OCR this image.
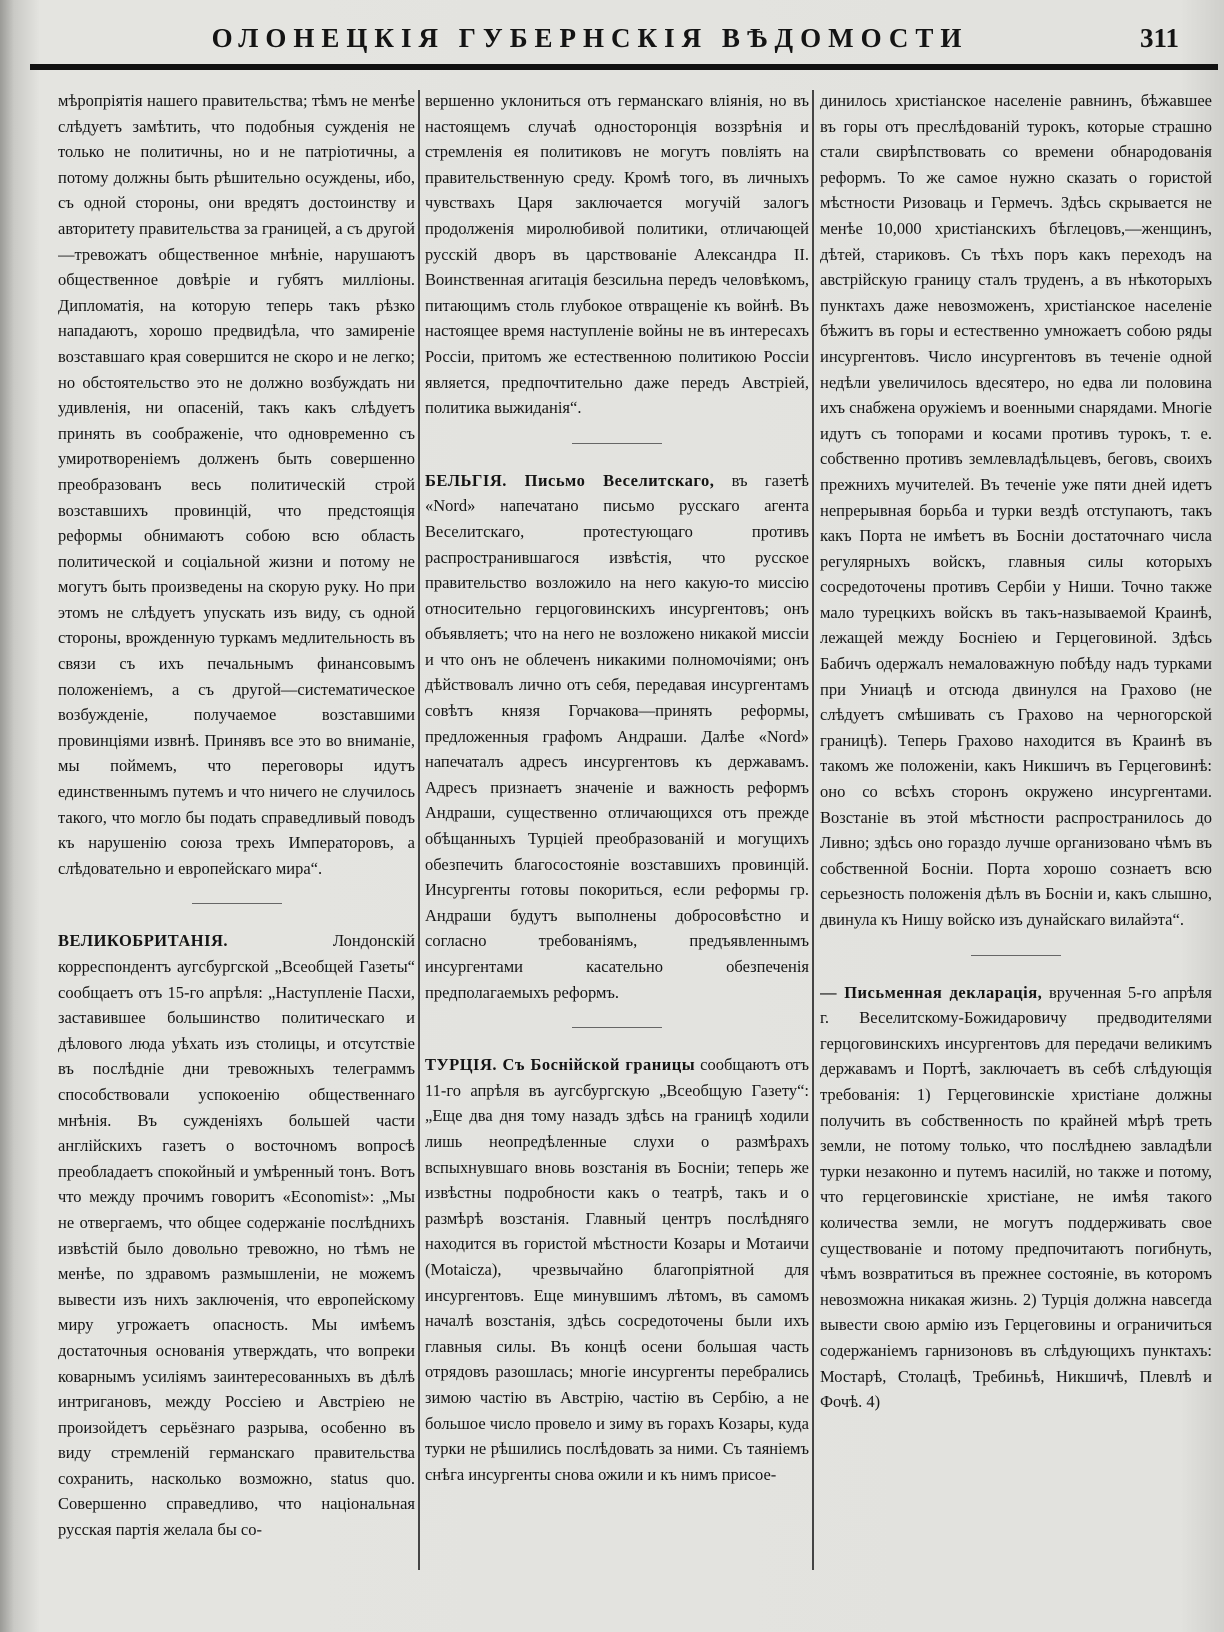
ОЛОНЕЦКІЯ ГУБЕРНСКІЯ ВѢДОМОСТИ	311

мѣропріятія нашего правительства; тѣмъ не менѣе слѣдуетъ замѣтить, что подобныя сужденія не только не политичны, но и не патріотичны, а потому должны быть рѣшительно осуждены, ибо, съ одной стороны, они вредятъ достоинству и авторитету правительства за границей, а съ другой—тревожатъ общественное мнѣніе, нарушаютъ общественное довѣріе и губятъ милліоны. Дипломатія, на которую теперь такъ рѣзко нападаютъ, хорошо предвидѣла, что замиреніе возставшаго края совершится не скоро и не легко; но обстоятельство это не должно возбуждать ни удивленія, ни опасеній, такъ какъ слѣдуетъ принять въ соображеніе, что одновременно съ умиротвореніемъ долженъ быть совершенно преобразованъ весь политическій строй возставшихъ провинцій, что предстоящія реформы обнимаютъ собою всю область политической и соціальной жизни и потому не могутъ быть произведены на скорую руку. Но при этомъ не слѣдуетъ упускать изъ виду, съ одной стороны, врожденную туркамъ медлительность въ связи съ ихъ печальнымъ финансовымъ положеніемъ, а съ другой—систематическое возбужденіе, получаемое возставшими провинціями извнѣ. Принявъ все это во вниманіе, мы поймемъ, что переговоры идутъ единственнымъ путемъ и что ничего не случилось такого, что могло бы подать справедливый поводъ къ нарушенію союза трехъ Императоровъ, а слѣдовательно и европейскаго мира“.

ВЕЛИКОБРИТАНІЯ. Лондонскій корреспондентъ аугсбургской „Всеобщей Газеты“ сообщаетъ отъ 15-го апрѣля: „Наступленіе Пасхи, заставившее большинство политическаго и дѣлового люда уѣхать изъ столицы, и отсутствіе въ послѣдніе дни тревожныхъ телеграммъ способствовали успокоенію общественнаго мнѣнія. Въ сужденіяхъ большей части англійскихъ газетъ о восточномъ вопросѣ преобладаетъ спокойный и умѣренный тонъ. Вотъ что между прочимъ говоритъ «Economist»: „Мы не отвергаемъ, что общее содержаніе послѣднихъ извѣстій было довольно тревожно, но тѣмъ не менѣе, по здравомъ размышленіи, не можемъ вывести изъ нихъ заключенія, что европейскому миру угрожаетъ опасность. Мы имѣемъ достаточныя основанія утверждать, что вопреки коварнымъ усиліямъ заинтересованныхъ въ дѣлѣ интригановъ, между Россіею и Австріею не произойдетъ серьёзнаго разрыва, особенно въ виду стремленій германскаго правительства сохранить, насколько возможно, status quo. Совершенно справедливо, что національная русская партія желала бы со-

вершенно уклониться отъ германскаго вліянія, но въ настоящемъ случаѣ односторонція воззрѣнія и стремленія ея политиковъ не могутъ повліять на правительственную среду. Кромѣ того, въ личныхъ чувствахъ Царя заключается могучій залогъ продолженія миролюбивой политики, отличающей русскій дворъ въ царствованіе Александра II. Воинственная агитація безсильна передъ человѣкомъ, питающимъ столь глубокое отвращеніе къ войнѣ. Въ настоящее время наступленіе войны не въ интересахъ Россіи, притомъ же естественною политикою Россіи является, предпочтительно даже передъ Австріей, политика выжиданія“.

БЕЛЬГІЯ. Письмо Веселитскаго, въ газетѣ «Nord» напечатано письмо русскаго агента Веселитскаго, протестующаго противъ распространившагося извѣстія, что русское правительство возложило на него какую-то миссію относительно герцоговинскихъ инсургентовъ; онъ объявляетъ; что на него не возложено никакой миссіи и что онъ не облеченъ никакими полномочіями; онъ дѣйствовалъ лично отъ себя, передавая инсургентамъ совѣтъ князя Горчакова—принять реформы, предложенныя графомъ Андраши. Далѣе «Nord» напечаталъ адресъ инсургентовъ къ державамъ. Адресъ признаетъ значеніе и важность реформъ Андраши, существенно отличающихся отъ прежде обѣщанныхъ Турціей преобразованій и могущихъ обезпечить благосостояніе возставшихъ провинцій. Инсургенты готовы покориться, если реформы гр. Андраши будутъ выполнены добросовѣстно и согласно требованіямъ, предъявленнымъ инсургентами касательно обезпеченія предполагаемыхъ реформъ.

ТУРЦІЯ. Съ Боснійской границы сообщаютъ отъ 11-го апрѣля въ аугсбургскую „Всеобщую Газету“: „Еще два дня тому назадъ здѣсь на границѣ ходили лишь неопредѣленные слухи о размѣрахъ вспыхнувшаго вновь возстанія въ Босніи; теперь же извѣстны подробности какъ о театрѣ, такъ и о размѣрѣ возстанія. Главный центръ послѣдняго находится въ гористой мѣстности Козары и Мотаичи (Motaicza), чрезвычайно благопріятной для инсургентовъ. Еще минувшимъ лѣтомъ, въ самомъ началѣ возстанія, здѣсь сосредоточены были ихъ главныя силы. Въ концѣ осени большая часть отрядовъ разошлась; многіе инсургенты перебрались зимою частію въ Австрію, частію въ Сербію, а не большое число провело и зиму въ горахъ Козары, куда турки не рѣшились послѣдовать за ними. Съ таяніемъ снѣга инсургенты снова ожили и къ нимъ присое-

динилось христіанское населеніе равнинъ, бѣжавшее въ горы отъ преслѣдованій турокъ, которые страшно стали свирѣпствовать со времени обнародованія реформъ. То же самое нужно сказать о гористой мѣстности Ризоваць и Гермечъ. Здѣсь скрывается не менѣе 10,000 христіанскихъ бѣглецовъ,—женщинъ, дѣтей, стариковъ. Съ тѣхъ поръ какъ переходъ на австрійскую границу сталъ труденъ, а въ нѣкоторыхъ пунктахъ даже невозможенъ, христіанское населеніе бѣжитъ въ горы и естественно умножаетъ собою ряды инсургентовъ. Число инсургентовъ въ теченіе одной недѣли увеличилось вдесятеро, но едва ли половина ихъ снабжена оружіемъ и военными снарядами. Многіе идутъ съ топорами и косами противъ турокъ, т. е. собственно противъ землевладѣльцевъ, беговъ, своихъ прежнихъ мучителей. Въ теченіе уже пяти дней идетъ непрерывная борьба и турки вездѣ отступаютъ, такъ какъ Порта не имѣетъ въ Босніи достаточнаго числа регулярныхъ войскъ, главныя силы которыхъ сосредоточены противъ Сербіи у Ниши. Точно также мало турецкихъ войскъ въ такъ-называемой Краинѣ, лежащей между Босніею и Герцеговиной. Здѣсь Бабичъ одержалъ немаловажную побѣду надъ турками при Униацѣ и отсюда двинулся на Грахово (не слѣдуетъ смѣшивать съ Грахово на черногорской границѣ). Теперь Грахово находится въ Краинѣ въ такомъ же положеніи, какъ Никшичъ въ Герцеговинѣ: оно со всѣхъ сторонъ окружено инсургентами. Возстаніе въ этой мѣстности распространилось до Ливно; здѣсь оно гораздо лучше организовано чѣмъ въ собственной Босніи. Порта хорошо сознаетъ всю серьезность положенія дѣлъ въ Босніи и, какъ слышно, двинула къ Нишу войско изъ дунайскаго вилайэта“.

— Письменная декларація, врученная 5-го апрѣля г. Веселитскому-Божидаровичу предводителями герцоговинскихъ инсургентовъ для передачи великимъ державамъ и Портѣ, заключаетъ въ себѣ слѣдующія требованія: 1) Герцеговинскіе христіане должны получить въ собственность по крайней мѣрѣ треть земли, не потому только, что послѣднею завладѣли турки незаконно и путемъ насилій, но также и потому, что герцеговинскіе христіане, не имѣя такого количества земли, не могутъ поддерживать свое существованіе и потому предпочитаютъ погибнуть, чѣмъ возвратиться въ прежнее состояніе, въ которомъ невозможна никакая жизнь. 2) Турція должна навсегда вывести свою армію изъ Герцеговины и ограничиться содержаніемъ гарнизоновъ въ слѣдующихъ пунктахъ: Мостарѣ, Столацѣ, Требиньѣ, Никшичѣ, Плевлѣ и Фочѣ. 4)
